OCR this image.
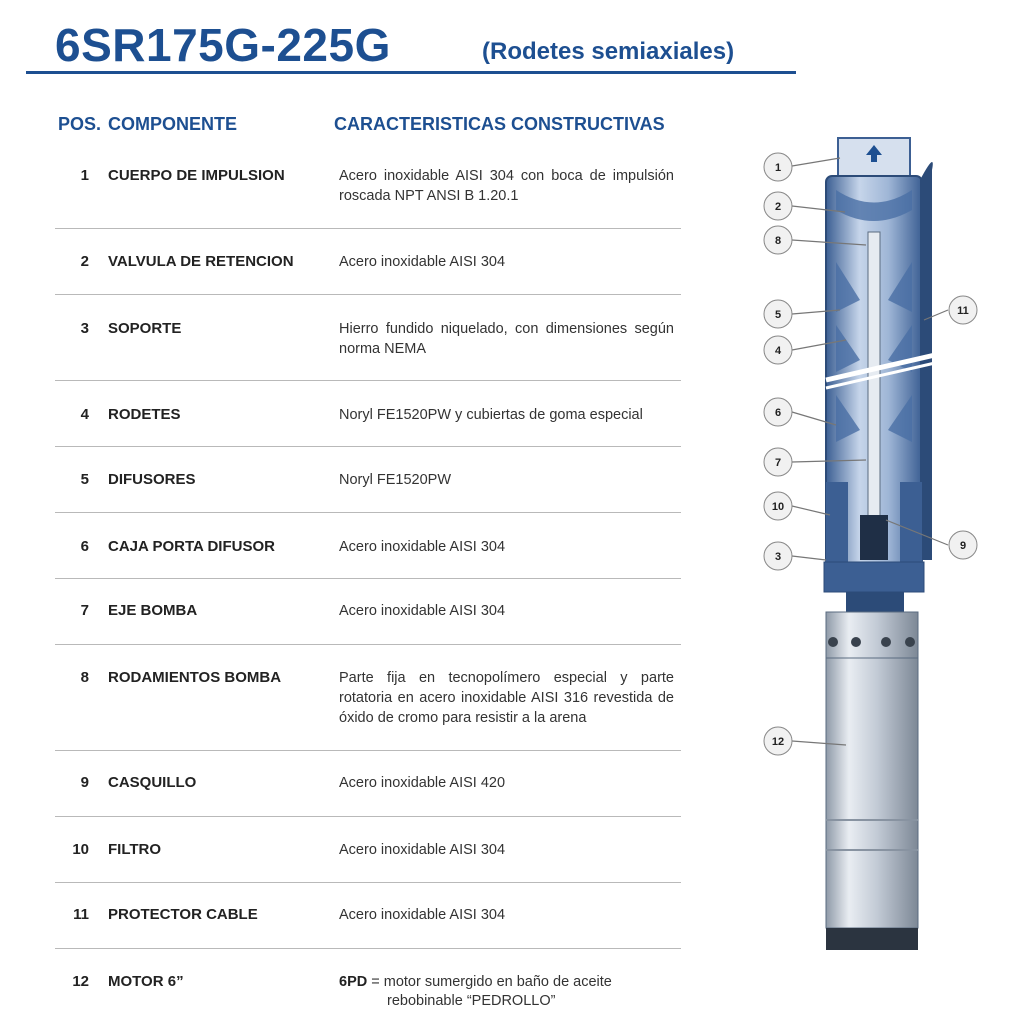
6SR175G-225G	(Rodetes semiaxiales)
POS. COMPONENTE	CARACTERISTICAS CONSTRUCTIVAS
1 CUERPO DE IMPULSION	Acero inoxidable AISI 304 con boca de impulsión roscada NPT ANSI B 1.20.1
2 VALVULA DE RETENCION	Acero inoxidable AISI 304
3 SOPORTE	Hierro fundido niquelado, con dimensiones según norma NEMA
4 RODETES	Noryl FE1520PW y cubiertas de goma especial
5 DIFUSORES	Noryl FE1520PW
6 CAJA PORTA DIFUSOR	Acero inoxidable AISI 304
7 EJE BOMBA	Acero inoxidable AISI 304
8 RODAMIENTOS BOMBA	Parte fija en tecnopolímero especial y parte rotatoria en acero inoxidable AISI 316 revestida de óxido de cromo para resistir a la arena
9 CASQUILLO	Acero inoxidable AISI 420
10 FILTRO	Acero inoxidable AISI 304
11 PROTECTOR CABLE	Acero inoxidable AISI 304
12 MOTOR 6”	6PD = motor sumergido en baño de aceite
rebobinable “PEDROLLO”
1
2
8
5
4
6
7
10
3
11
9
12
